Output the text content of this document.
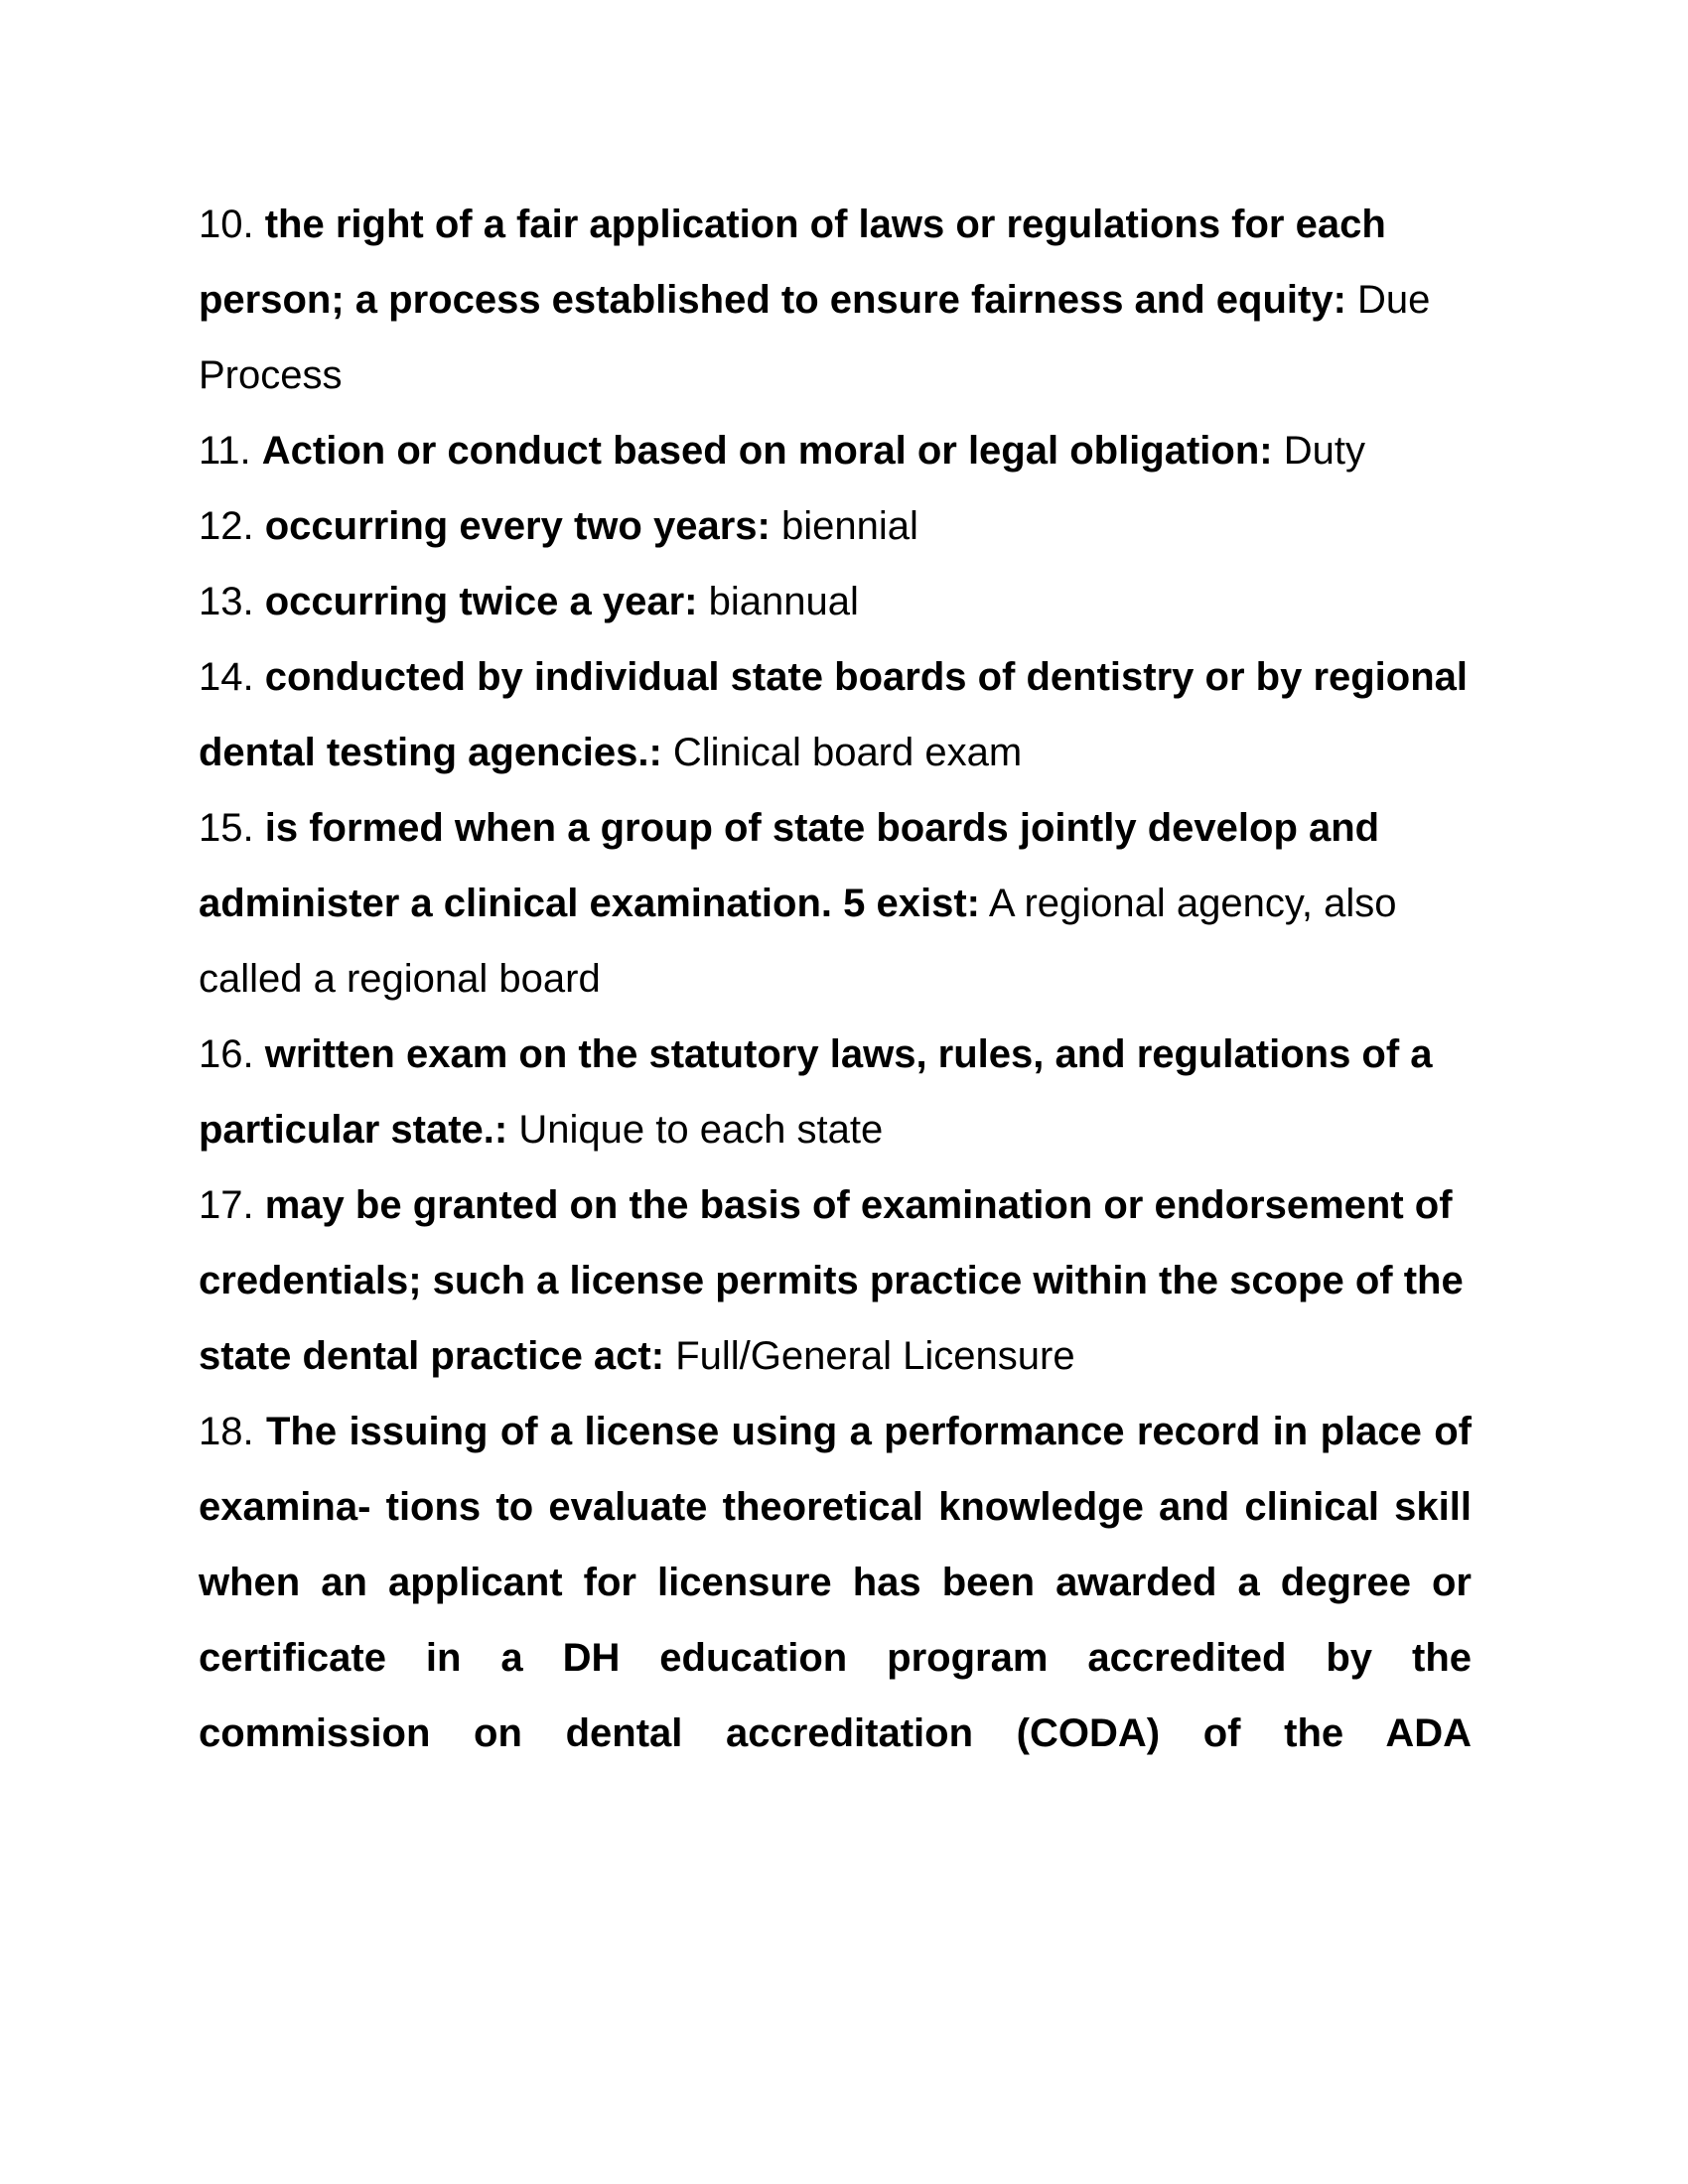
10. the right of a fair application of laws or regulations for each person; a process established to ensure fairness and equity: Due Process

11. Action or conduct based on moral or legal obligation: Duty

12. occurring every two years: biennial

13. occurring twice a year: biannual

14. conducted by individual state boards of dentistry or by regional dental testing agencies.: Clinical board exam

15. is formed when a group of state boards jointly develop and administer a clinical examination. 5 exist: A regional agency, also called a regional board

16. written exam on the statutory laws, rules, and regulations of a particular state.: Unique to each state

17. may be granted on the basis of examination or endorsement of credentials; such a license permits practice within the scope of the state dental practice act: Full/General Licensure

18. The issuing of a license using a performance record in place of examina- tions to evaluate theoretical knowledge and clinical skill when an applicant for licensure has been awarded a degree or certificate in a DH education program accredited by the commission on dental accreditation (CODA) of the ADA
